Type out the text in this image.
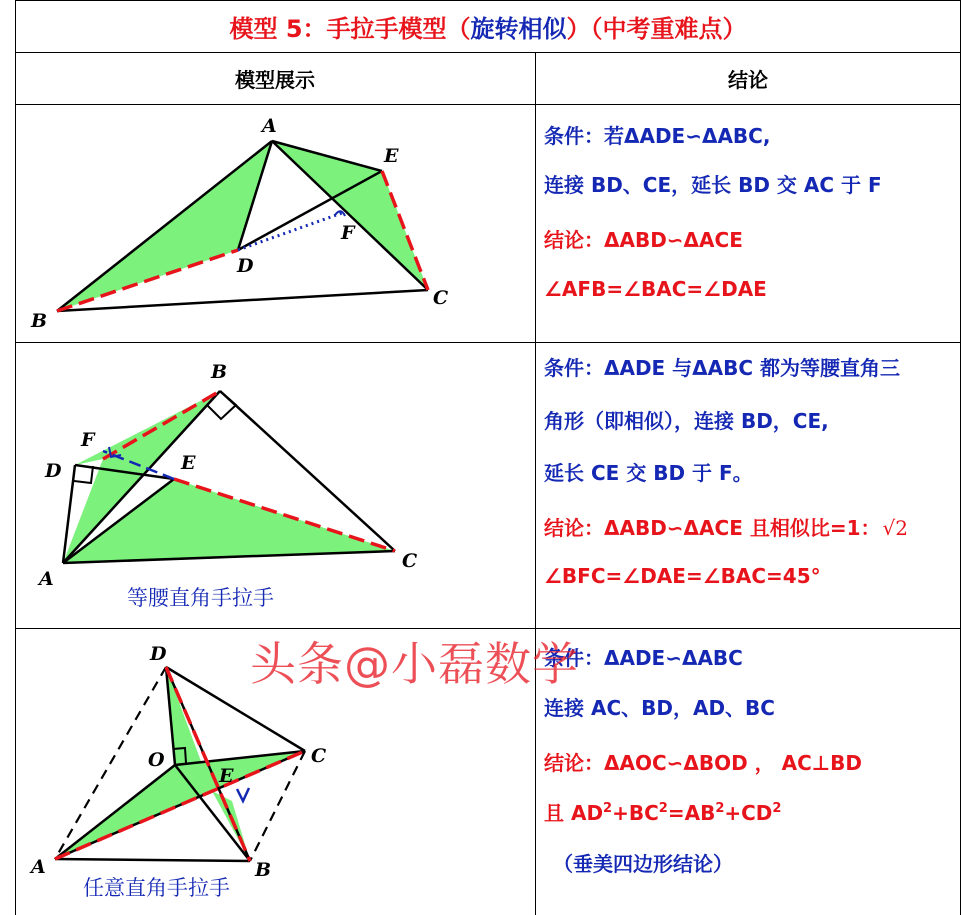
模型 5：手拉手模型（ 旋转相似 ）（中考重难点）
模型展示	结论
A
B
C
D
E
F
条件：若ΔADE∽ΔABC,
连接 BD、CE，延长 BD 交 AC 于 F
结论：ΔABD∽ΔACE
∠AFB=∠BAC=∠DAE
B
F
D	E
C
A
等腰直角手拉手
条件：ΔADE 与ΔABC 都为等腰直角三
角形（即相似），连接 BD，CE,
延长 CE 交 BD 于 F。
结论：ΔABD∽ΔACE 且相似比=1： √2
∠BFC=∠DAE=∠BAC=45°
D
O	C
E
A	B
任意直角手拉手
条件：ΔADE∽ΔABC
连接 AC、BD，AD、BC
结论：ΔAOC∽ΔBOD ， AC⊥BD
且 $AD^2+BC^2=AB^2+CD^2$
（垂美四边形结论）
头条@小磊数学
